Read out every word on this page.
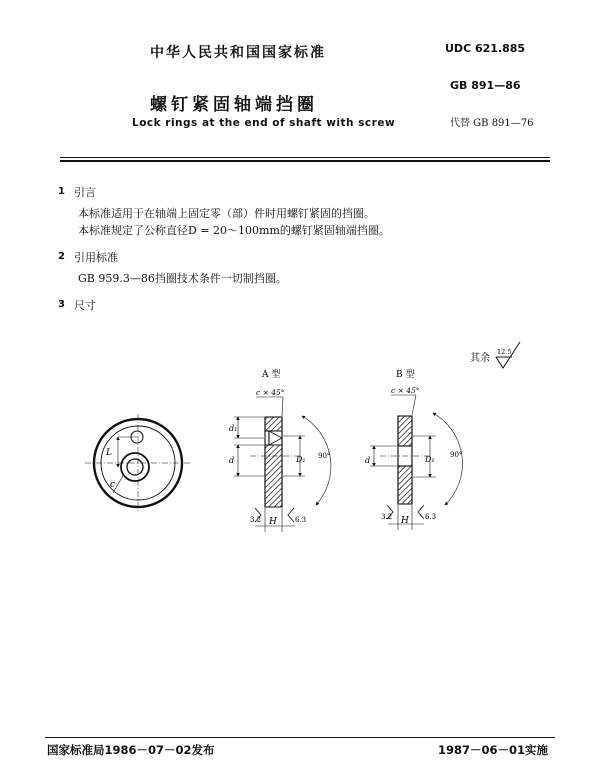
中华人民共和国国家标准	UDC 621.885
螺钉紧固轴端挡圈
GB 891—86
Lock rings at the end of shaft with screw	代替 GB 891—76
1 引言
本标准适用于在轴端上固定零（部）件时用螺钉紧固的挡圈。
本标准规定了公称直径D = 20～100mm的螺钉紧固轴端挡圈。
2 引用标准
GB 959.3—86挡圈技术条件一切制挡圈。
3 尺寸
其余
12.5
L
c
A 型
c × 45°
d₁
d	D₁ 90°
H
3.2	6.3
B 型
c × 45°
d	D₁ 90°
H
3.2	6.3
国家标准局1986－07－02发布	1987－06－01实施
